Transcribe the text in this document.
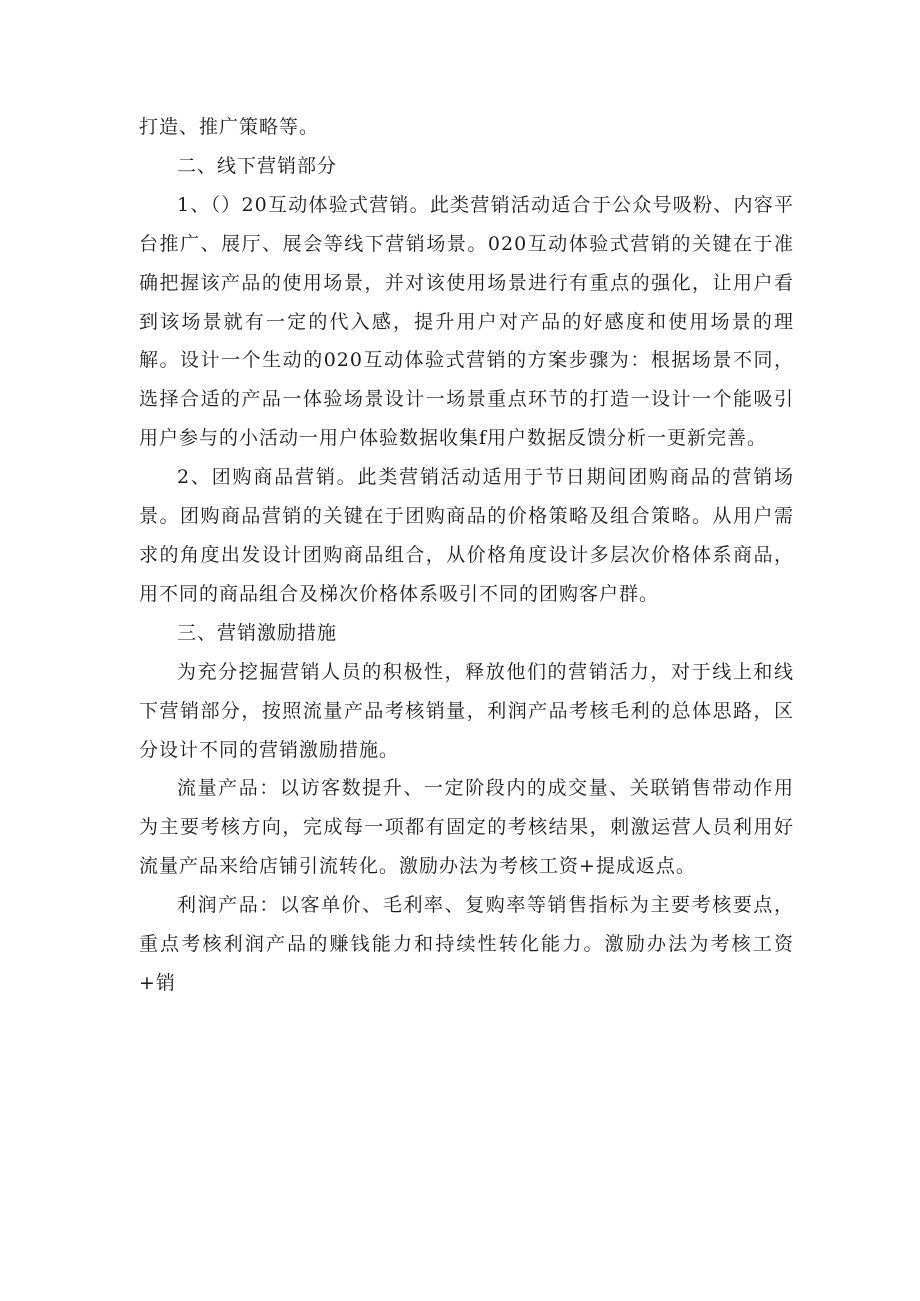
打造、推广策略等。

二、线下营销部分

1、（）20互动体验式营销。此类营销活动适合于公众号吸粉、内容平台推广、展厅、展会等线下营销场景。020互动体验式营销的关键在于准确把握该产品的使用场景，并对该使用场景进行有重点的强化，让用户看到该场景就有一定的代入感，提升用户对产品的好感度和使用场景的理解。设计一个生动的020互动体验式营销的方案步骤为：根据场景不同，选择合适的产品一体验场景设计一场景重点环节的打造一设计一个能吸引用户参与的小活动一用户体验数据收集f用户数据反馈分析一更新完善。

2、团购商品营销。此类营销活动适用于节日期间团购商品的营销场景。团购商品营销的关键在于团购商品的价格策略及组合策略。从用户需求的角度出发设计团购商品组合，从价格角度设计多层次价格体系商品，用不同的商品组合及梯次价格体系吸引不同的团购客户群。

三、营销激励措施

为充分挖掘营销人员的积极性，释放他们的营销活力，对于线上和线下营销部分，按照流量产品考核销量，利润产品考核毛利的总体思路，区分设计不同的营销激励措施。

流量产品：以访客数提升、一定阶段内的成交量、关联销售带动作用为主要考核方向，完成每一项都有固定的考核结果，刺激运营人员利用好流量产品来给店铺引流转化。激励办法为考核工资+提成返点。

利润产品：以客单价、毛利率、复购率等销售指标为主要考核要点，重点考核利润产品的赚钱能力和持续性转化能力。激励办法为考核工资+销
